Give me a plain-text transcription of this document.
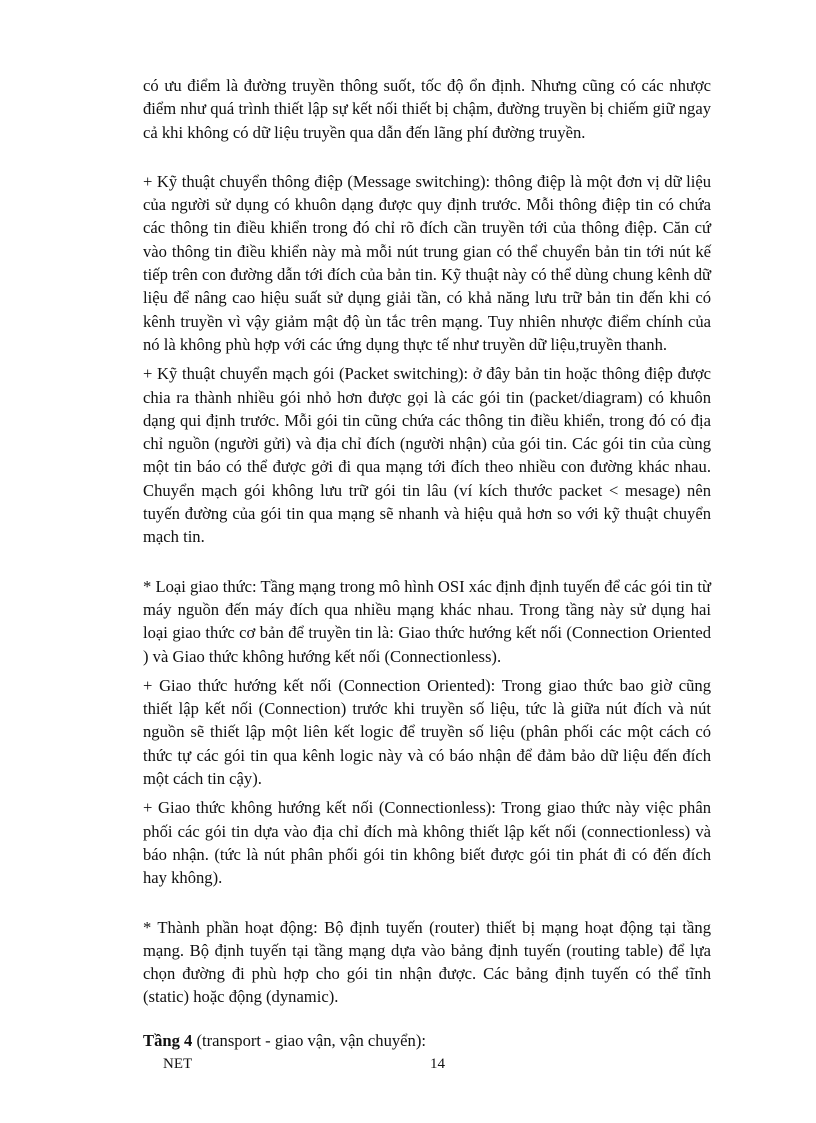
có ưu điểm là đường truyền thông suốt, tốc độ ổn định. Nhưng cũng có các nhược điểm như quá trình thiết lập sự kết nối thiết bị chậm, đường truyền bị chiếm giữ ngay cả khi không có dữ liệu truyền qua dẫn đến lãng phí đường truyền.

+ Kỹ thuật chuyển thông điệp (Message switching): thông điệp là một đơn vị dữ liệu của người sử dụng có khuôn dạng được quy định trước. Mỗi thông điệp tin có chứa các thông tin điều khiển trong đó chỉ rõ đích cần truyền tới của thông điệp. Căn cứ vào thông tin điều khiển này mà mỗi nút trung gian có thể chuyển bản tin tới nút kế tiếp trên con đường dẫn tới đích của bản tin. Kỹ thuật này có thể dùng chung kênh dữ liệu để nâng cao hiệu suất sử dụng giải tần, có khả năng lưu trữ bản tin đến khi có kênh truyền vì vậy giảm mật độ ùn tắc trên mạng. Tuy nhiên nhược điểm chính của nó là không phù hợp với các ứng dụng thực tế như truyền dữ liệu,truyền thanh.

+ Kỹ thuật chuyển mạch gói (Packet switching): ở đây bản tin hoặc thông điệp được chia ra thành nhiều gói nhỏ hơn được gọi là các gói tin (packet/diagram) có khuôn dạng qui định trước. Mỗi gói tin cũng chứa các thông tin điều khiển, trong đó có địa chỉ nguồn (người gửi) và địa chỉ đích (người nhận) của gói tin. Các gói tin của cùng một tin báo có thể được gởi đi qua mạng tới đích theo nhiều con đường khác nhau. Chuyển mạch gói không lưu trữ gói tin lâu (ví kích thước packet < mesage) nên tuyến đường của gói tin qua mạng sẽ nhanh và hiệu quả hơn so với kỹ thuật chuyển mạch tin.

* Loại giao thức: Tầng mạng trong mô hình OSI xác định định tuyến để các gói tin từ máy nguồn đến máy đích qua nhiều mạng khác nhau. Trong tầng này sử dụng hai loại giao thức cơ bản để truyền tin là: Giao thức hướng kết nối (Connection Oriented ) và Giao thức không hướng kết nối (Connectionless).

+ Giao thức hướng kết nối (Connection Oriented): Trong giao thức bao giờ cũng thiết lập kết nối (Connection) trước khi truyền số liệu, tức là giữa nút đích và nút nguồn sẽ thiết lập một liên kết logic để truyền số liệu (phân phối các một cách có thức tự các gói tin qua kênh logic này và có báo nhận để đảm bảo dữ liệu đến đích một cách tin cậy).

+ Giao thức không hướng kết nối (Connectionless): Trong giao thức này việc phân phối các gói tin dựa vào địa chỉ đích mà không thiết lập kết nối (connectionless) và báo nhận. (tức là nút phân phối gói tin không biết được gói tin phát đi có đến đích hay không).

* Thành phần hoạt động: Bộ định tuyến (router) thiết bị mạng hoạt động tại tầng mạng. Bộ định tuyến tại tầng mạng dựa vào bảng định tuyến (routing table) để lựa chọn đường đi phù hợp cho gói tin nhận được. Các bảng định tuyến có thể tĩnh (static) hoặc động (dynamic).

Tầng 4 (transport - giao vận, vận chuyển):

NET	14
